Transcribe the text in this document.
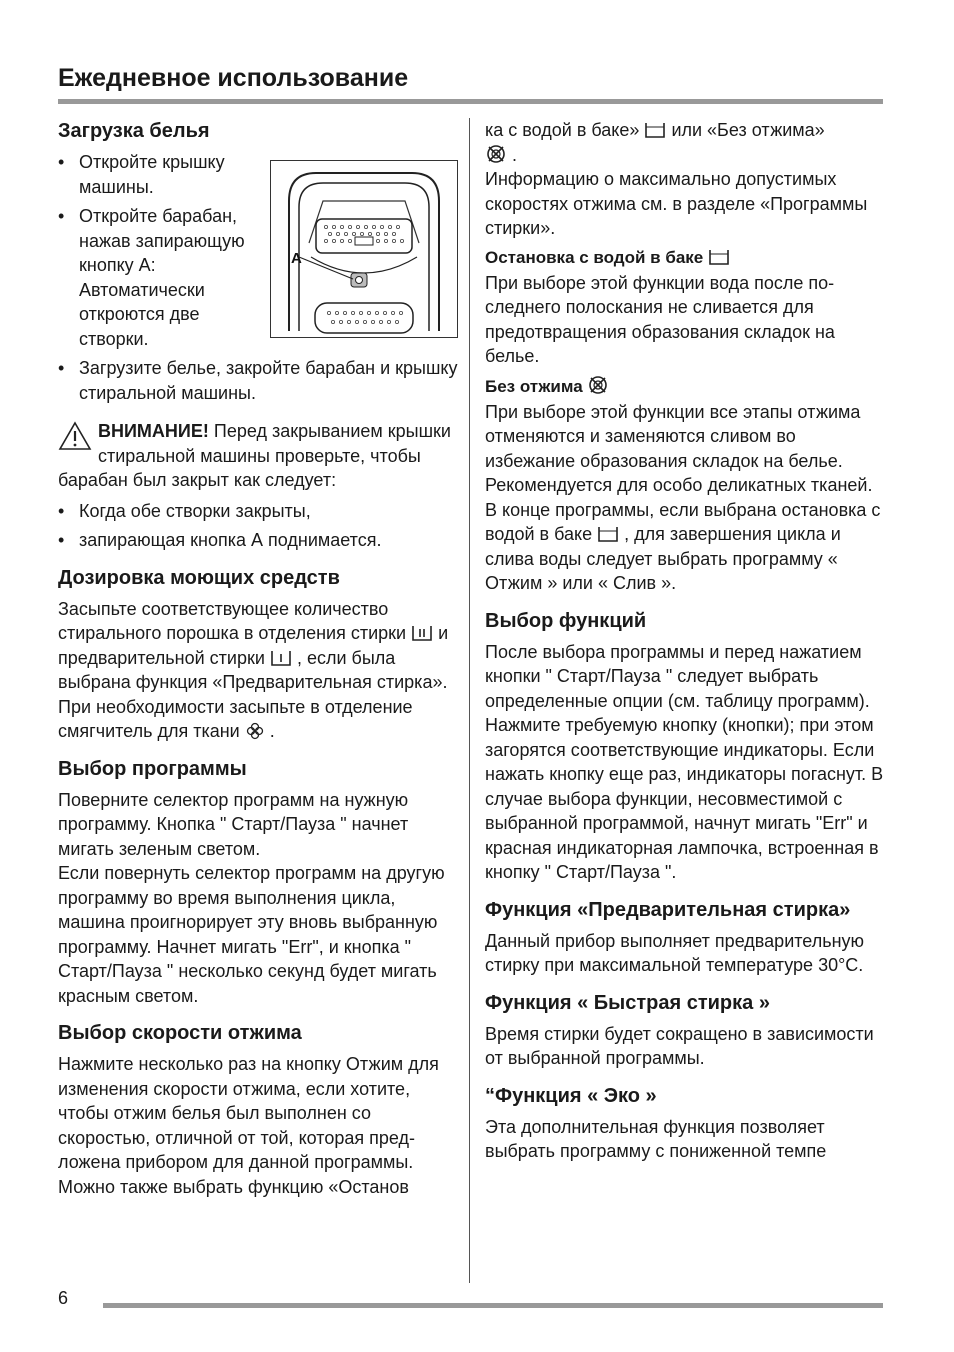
Ежедневное использование
Загрузка белья
A

• Откройте крышку машины.

• Откройте барабан, нажав запирающую кнопку А: Автоматически откроются две створки.

• Загрузите белье, закройте барабан и крышку стиральной машины.

ВНИМАНИЕ! Перед закрыванием крышки стиральной машины проверьте, чтобы барабан был закрыт как следует:

• Когда обе створки закрыты,

• запирающая кнопка А поднимается.

Дозировка моющих средств

Засыпьте соответствующее количество стирального порошка в отделения стирки и предварительной стирки , если была выбрана функция «Предварительная стирка». При необходимости засыпьте в отделение смягчитель для ткани .

Выбор программы

Поверните селектор программ на нужную программу. Кнопка " Старт/Пауза " начнет мигать зеленым светом.

Если повернуть селектор программ на другую программу во время выполнения цикла, машина проигнорирует эту вновь выбранную программу. Начнет мигать "Err", и кнопка " Старт/Пауза " несколько секунд будет мигать красным светом.

Выбор скорости отжима

Нажмите несколько раз на кнопку Отжим для изменения скорости отжима, если хотите, чтобы отжим белья был выполнен со скоростью, отличной от той, которая предложена прибором для данной программы. Можно также выбрать функцию «Останов

ка с водой в баке» или «Без отжима»
.

Информацию о максимально допустимых скоростях отжима см. в разделе «Программы стирки».

Остановка с водой в баке

При выборе этой функции вода после последнего полоскания не сливается для предотвращения образования складок на белье.

Без отжима

При выборе этой функции все этапы отжима отменяются и заменяются сливом во избежание образования складок на белье. Рекомендуется для особо деликатных тканей.

В конце программы, если выбрана остановка с водой в баке , для завершения цикла и слива воды следует выбрать программу « Отжим » или « Слив ».

Выбор функций

После выбора программы и перед нажатием кнопки " Старт/Пауза " следует выбрать определенные опции (см. таблицу программ). Нажмите требуемую кнопку (кнопки); при этом загорятся соответствующие индикаторы. Если нажать кнопку еще раз, индикаторы погаснут. В случае выбора функции, несовместимой с выбранной программой, начнут мигать "Err" и красная индикаторная лампочка, встроенная в кнопку " Старт/Пауза ".

Функция «Предварительная стирка»

Данный прибор выполняет предварительную стирку при максимальной температуре 30°C.

Функция « Быстрая стирка »

Время стирки будет сокращено в зависимости от выбранной программы.

“Функция « Эко »

Эта дополнительная функция позволяет выбрать программу с пониженной темпе

6
